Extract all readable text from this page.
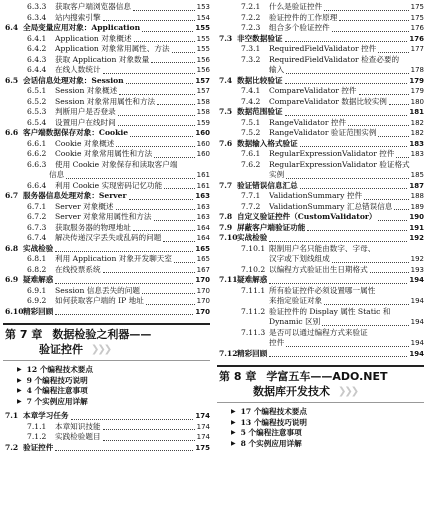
6.3.3	获取客户端浏览器信息	153
6.3.4	站内搜索引擎	154
6.4 全局变量应用对象：Application	155
6.4.1	Application 对象概述	155
6.4.2	Application 对象常用属性、方法	155
6.4.3	获取 Application 对象数量	156
6.4.4	在线人数统计	156
6.5 会话信息处理对象：Session	157
6.5.1	Session 对象概述	157
6.5.2	Session 对象常用属性和方法	158
6.5.3	判断用户是否登录	158
6.5.4	设置用户在线时间	159
6.6 客户端数据保存对象：Cookie	160
6.6.1	Cookie 对象概述	160
6.6.2	Cookie 对象常用属性和方法	160
6.6.3	使用 Cookie 对象保存和读取客户端
信息	161
6.6.4	利用 Cookie 实现密码记忆功能	161
6.7 服务器信息处理对象：Server	163
6.7.1	Server 对象概述	163
6.7.2	Server 对象常用属性和方法	163
6.7.3	获取服务器的物理地址	164
6.7.4	解决传递汉字丢失或乱码的问题	164
6.8 实战检验	165
6.8.1	利用 Application 对象开发聊天室	165
6.8.2	在线投票系统	167
6.9 疑难解惑	170
6.9.1	Session 信息丢失的问题	170
6.9.2	如何获取客户端的 IP 地址	170
6.10 精彩回顾	170
第 7 章 数据检验之利器——
验证控件 ❯❯❯
▶ 12 个编程技术要点
▶ 9 个编程技巧说明
▶ 4 个编程注意事项
▶ 7 个实例应用详解
7.1 本章学习任务	174
7.1.1	本章知识技能	174
7.1.2	实践检验题目	174
7.2 验证控件	175
7.2.1	什么是验证控件	175
7.2.2	验证控件的工作原理	175
7.2.3	组合多个验证控件	176
7.3 非空数据验证	176
7.3.1	RequiredFieldValidator 控件	177
7.3.2	RequiredFieldValidator 检查必要的
输入	178
7.4 数据比较验证	179
7.4.1	CompareValidator 控件	179
7.4.2	CompareValidator 数据比较实例	180
7.5 数据范围验证	181
7.5.1	RangeValidator 控件	182
7.5.2	RangeValidator 验证范围实例	182
7.6 数据输入格式验证	183
7.6.1	RegularExpressionValidator 控件 183
7.6.2	RegularExpressionValidator 验证格式
实例	185
7.7 验证错误信息汇总	187
7.7.1	ValidationSummary 控件	188
7.7.2	ValidationSummary 汇总错误信息	189
7.8 自定义验证控件（CustomValidator）	190
7.9 屏蔽客户端验证功能	191
7.10 实战检验	192
7.10.1 限制用户名只能由数字、字母、
汉字或下划线组成	192
7.10.2 以编程方式验证出生日期格式	193
7.11 疑难解惑	194
7.11.1 所有验证控件必须设置哪一属性
来指定验证对象	194
7.11.2 验证控件的 Display 属性 Static 和
Dynamic 区别	194
7.11.3 是否可以通过编程方式来验证
控件	194
7.12 精彩回顾	194
第 8 章 学富五车——ADO.NET
数据库开发技术 ❯❯❯
▶ 17 个编程技术要点
▶ 13 个编程技巧说明
▶ 5 个编程注意事项
▶ 8 个实例应用详解
